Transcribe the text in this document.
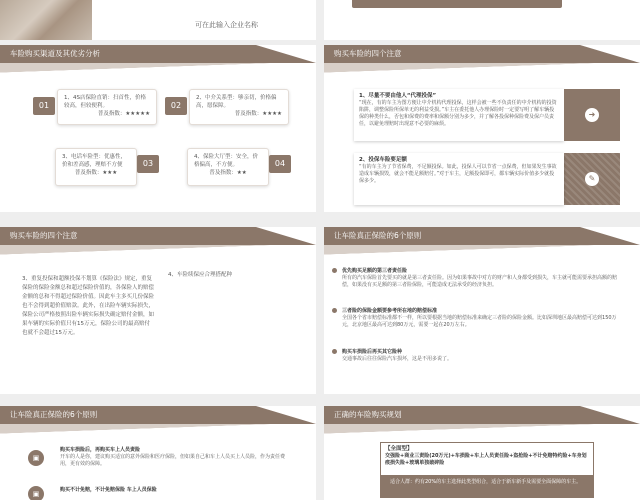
可在此输入企业名称
车险购买渠道及其优劣分析
01
1、4S店保险直销：扫首性，价格较高，但较便利。
普及指数：★★★★★
02
2、中介关系型：够亲切，价格偏高，愿保障。
普及指数：★★★★
3、电话车险型：优惠性，价和差高感，理赔不方便
普及指数：★★★
03
4、保险大厅型：安全，价格偏高，不方便。
普及指数：★★
04
购买车险的四个注意
1、尽量不要由他人“代理投保”
“现在，有的车主为图方便让中介机构代理投保，这样会被一些不负责任的中介机构的投资陷阱，调整保险所保单无的利益受损。”车主在委托他人办理保险时一定要写明了解车辆投保的种类什么，否包和保费的费率和保额分别为多少，并了解各投保种保险费及保户员责任，以避免理赔时出现意不必要的麻烦。
➜
✎
2、投保车险要足额
“有的车主为了节省保费，不足额投保。如此，投保人可以节省一点保费，但如果发生事故造成车辆损毁，就会不能足额赔付。”对于车主，足额投保即可，都车辆实际价值多少就投保多少。
购买车险的四个注意
3、重复投保和超额投保不划算《保险法》规定，重复保险的保险金额总和超过保险价值的，各保险人的赔偿金额的总和不得超过保险价值。因此车主多买几份保险也不会得到超价值赔款。此外，在出险车辆实际损失，保险公司严格按照出险车辆实际损失确定赔付金额，如果车辆的实际价值只有15万元，保险公司的最高赔付也就不会超过15万元。
4、车险续保应合理搭配种
让车险真正保险的6个原则
优先购买足额的第三者责任险
所有的汽车保险首先要买的就是第三者责任险。因为如果事故中对方的财产和人身都受到损失，车主就可能需要承担高额的赔偿，如果没有买足额的第三者险保险，可能造成无法承受的经济负担。
三者险的保险金额要参考所在地的赔偿标准
全国各个省市赔偿标准都不一样，所以要根据当地的赔偿标准来确定三者险的保险金额。比如深圳地区最高赔偿可达到150万元，北京地区最高可达到80万元，需要一起在20万左右。
购买车损险后再买其它险种
交通事故后往往保险汽车损坏，这是不用多说了。
让车险真正保险的6个原则
▣
购买车损险后，再购买车上人员责险
开车的人是你，建议购买适宜的意外保险和医疗保险，但如果自己和车上人员买上人员险，作为责任费用，更有效的保障。
▣	购买不计免赔，不计免赔保险 车上人员保险
正确的车险购买规划
【全面型】
交强险+商业三责险(20万元)+车损险+车上人员责任险+盗抢险+不计免赔特约险+车身划痕损失险+玻璃单独破碎险
适合人群：约有20%的车主选择此类型组合，适合于新车新手及需要全面保障的车主。
